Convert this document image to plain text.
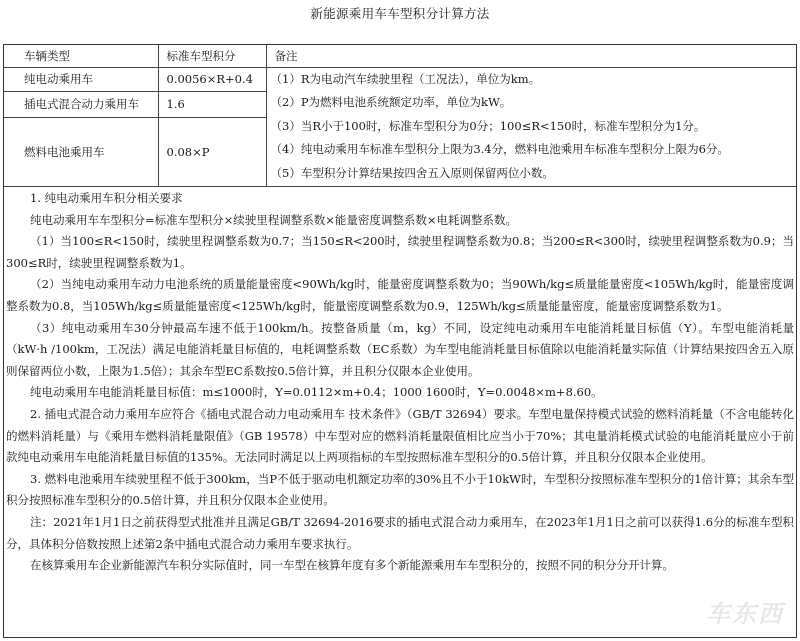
新能源乘用车车型积分计算方法
车辆类型	标准车型积分	备注
纯电动乘用车	0.0056×R+0.4	（1）R为电动汽车续驶里程（工况法），单位为km。
（2）P为燃料电池系统额定功率，单位为kW。
（3）当R小于100时，标准车型积分为0分；100≤R<150时，标准车型积分为1分。
（4）纯电动乘用车标准车型积分上限为3.4分，燃料电池乘用车标准车型积分上限为6分。
（5）车型积分计算结果按四舍五入原则保留两位小数。

插电式混合动力乘用车	1.6	
燃料电池乘用车	0.08×P	

1. 纯电动乘用车积分相关要求

纯电动乘用车车型积分=标准车型积分×续驶里程调整系数×能量密度调整系数×电耗调整系数。

（1）当100≤R<150时，续驶里程调整系数为0.7；当150≤R<200时，续驶里程调整系数为0.8；当200≤R<300时，续驶里程调整系数为0.9；当300≤R时，续驶里程调整系数为1。

（2）当纯电动乘用车动力电池系统的质量能量密度<90Wh/kg时，能量密度调整系数为0；当90Wh/kg≤质量能量密度<105Wh/kg时，能量密度调整系数为0.8，当105Wh/kg≤质量能量密度<125Wh/kg时，能量密度调整系数为0.9，125Wh/kg≤质量能量密度，能量密度调整系数为1。

（3）纯电动乘用车30分钟最高车速不低于100km/h。按整备质量（m，kg）不同，设定纯电动乘用车电能消耗量目标值（Y）。车型电能消耗量（kW·h /100km，工况法）满足电能消耗量目标值的，电耗调整系数（EC系数）为车型电能消耗量目标值除以电能消耗量实际值（计算结果按四舍五入原则保留两位小数，上限为1.5倍）；其余车型EC系数按0.5倍计算，并且积分仅限本企业使用。

纯电动乘用车电能消耗量目标值：m≤1000时，Y=0.0112×m+0.4；1000 1600时，Y=0.0048×m+8.60。

2. 插电式混合动力乘用车应符合《插电式混合动力电动乘用车 技术条件》（GB/T 32694）要求。车型电量保持模式试验的燃料消耗量（不含电能转化的燃料消耗量）与《乘用车燃料消耗量限值》（GB 19578）中车型对应的燃料消耗量限值相比应当小于70%；其电量消耗模式试验的电能消耗量应小于前款纯电动乘用车电能消耗量目标值的135%。无法同时满足以上两项指标的车型按照标准车型积分的0.5倍计算，并且积分仅限本企业使用。

3. 燃料电池乘用车续驶里程不低于300km，当P不低于驱动电机额定功率的30%且不小于10kW时，车型积分按照标准车型积分的1倍计算；其余车型积分按照标准车型积分的0.5倍计算，并且积分仅限本企业使用。

注：2021年1月1日之前获得型式批准并且满足GB/T 32694-2016要求的插电式混合动力乘用车，在2023年1月1日之前可以获得1.6分的标准车型积分，具体积分倍数按照上述第2条中插电式混合动力乘用车要求执行。

在核算乘用车企业新能源汽车积分实际值时，同一车型在核算年度有多个新能源乘用车车型积分的，按照不同的积分分开计算。

车东西
